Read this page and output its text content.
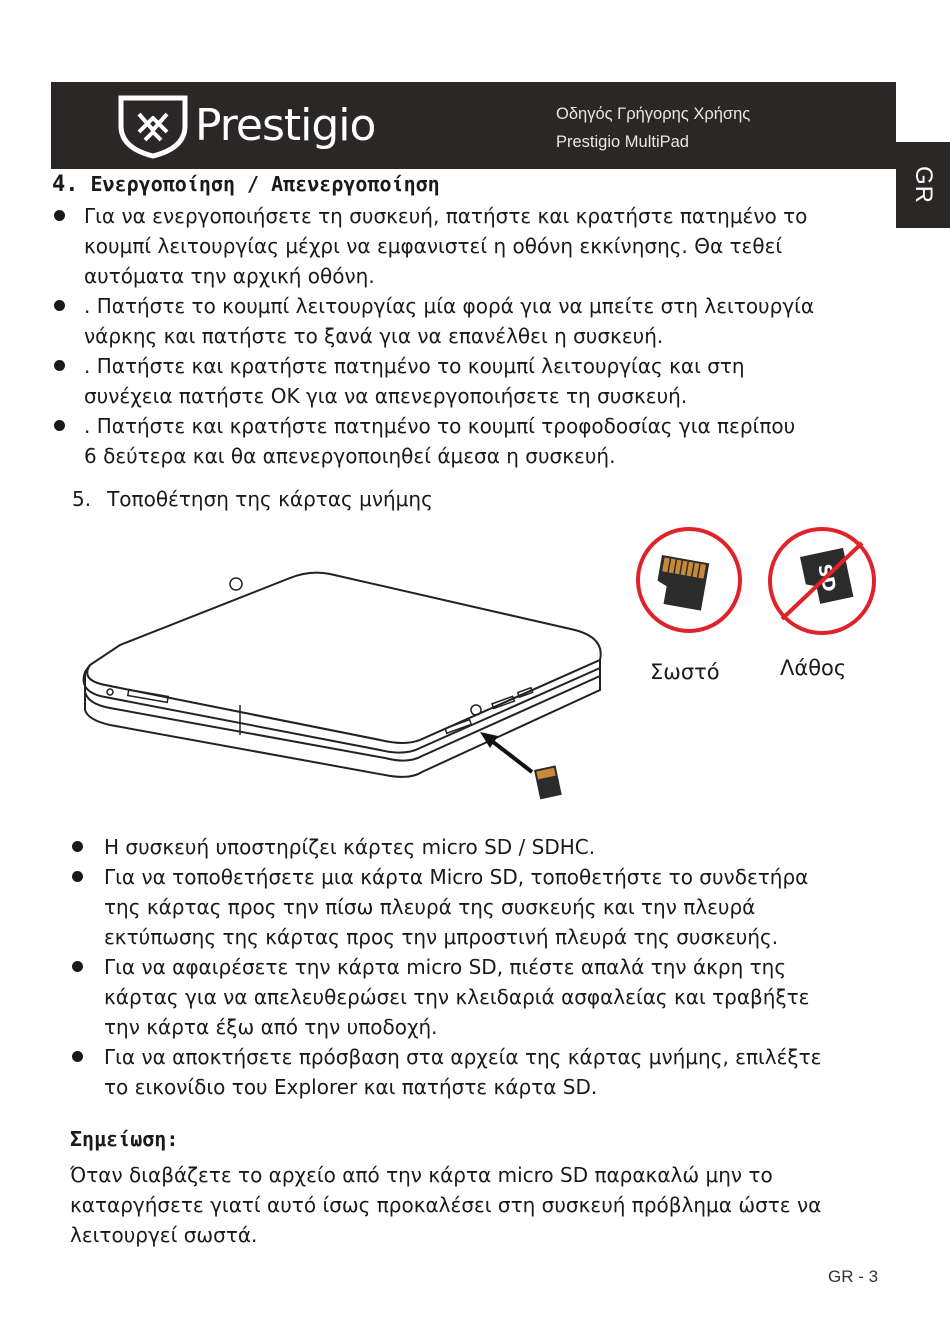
Prestigio	Οδηγός Γρήγορης Χρήσης
Prestigio MultiPad
GR
4. Ενεργοποίηση / Απενεργοποίηση
Για να ενεργοποιήσετε τη συσκευή, πατήστε και κρατήστε πατημένο το
κουμπί λειτουργίας μέχρι να εμφανιστεί η οθόνη εκκίνησης. Θα τεθεί
αυτόματα την αρχική οθόνη.
. Πατήστε το κουμπί λειτουργίας μία φορά για να μπείτε στη λειτουργία
νάρκης και πατήστε το ξανά για να επανέλθει η συσκευή.
. Πατήστε και κρατήστε πατημένο το κουμπί λειτουργίας και στη
συνέχεια πατήστε OK για να απενεργοποιήσετε τη συσκευή.
. Πατήστε και κρατήστε πατημένο το κουμπί τροφοδοσίας για περίπου
6 δεύτερα και θα απενεργοποιηθεί άμεσα η συσκευή.
5. Τοποθέτηση της κάρτας μνήμης
Σωστό	Λάθος
Η συσκευή υποστηρίζει κάρτες micro SD / SDHC.
Για να τοποθετήσετε μια κάρτα Micro SD, τοποθετήστε το συνδετήρα
της κάρτας προς την πίσω πλευρά της συσκευής και την πλευρά
εκτύπωσης της κάρτας προς την μπροστινή πλευρά της συσκευής.
Για να αφαιρέσετε την κάρτα micro SD, πιέστε απαλά την άκρη της
κάρτας για να απελευθερώσει την κλειδαριά ασφαλείας και τραβήξτε
την κάρτα έξω από την υποδοχή.
Για να αποκτήσετε πρόσβαση στα αρχεία της κάρτας μνήμης, επιλέξτε
το εικονίδιο του Explorer και πατήστε κάρτα SD.
Σημείωση:
Όταν διαβάζετε το αρχείο από την κάρτα micro SD παρακαλώ μην το
καταργήσετε γιατί αυτό ίσως προκαλέσει στη συσκευή πρόβλημα ώστε να
λειτουργεί σωστά.
GR - 3
